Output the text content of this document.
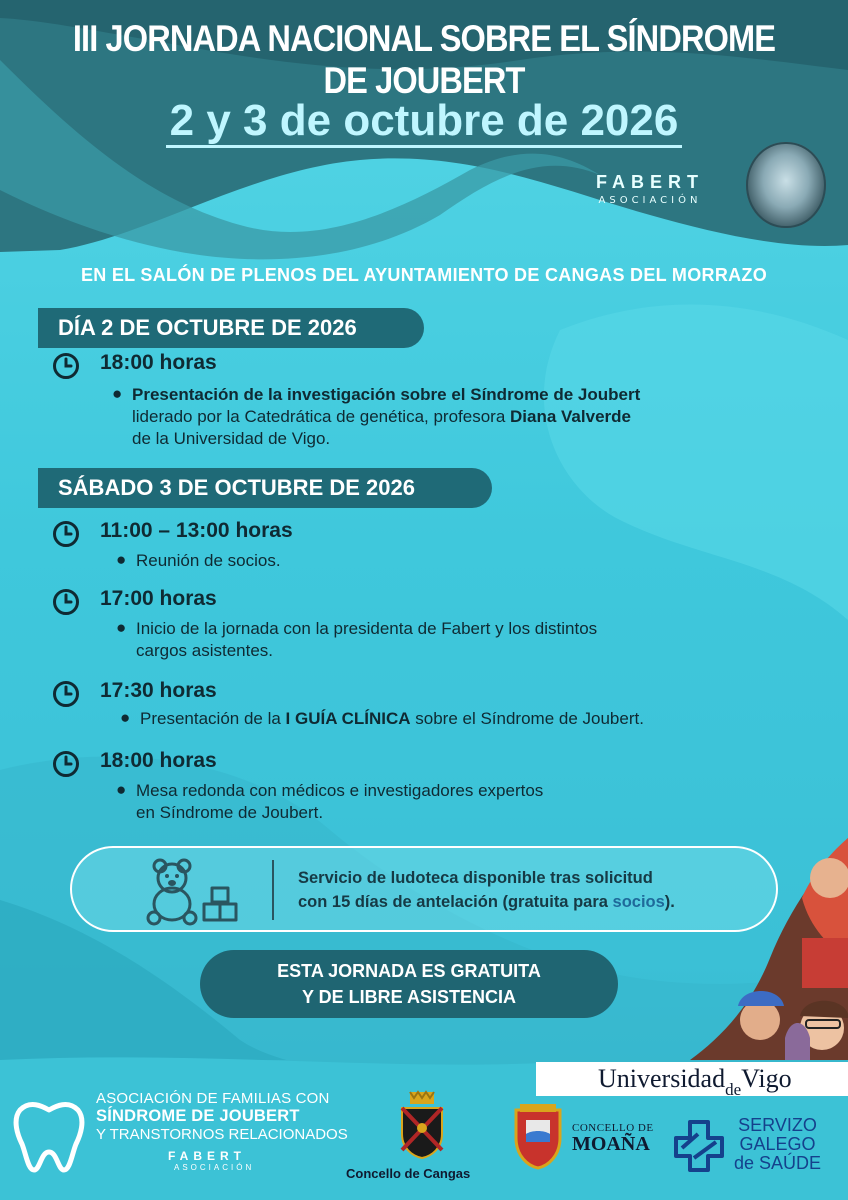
III JORNADA NACIONAL SOBRE EL SÍNDROME DE JOUBERT
2 y 3 de octubre de 2026
FABERT
ASOCIACIÓN
EN EL SALÓN DE PLENOS DEL AYUNTAMIENTO DE CANGAS DEL MORRAZO
DÍA 2 DE OCTUBRE DE 2026
18:00 horas
● Presentación de la investigación sobre el Síndrome de Joubert
liderado por la Catedrática de genética, profesora Diana Valverde
de la Universidad de Vigo.
SÁBADO 3 DE OCTUBRE DE 2026
11:00 – 13:00 horas
● Reunión de socios.
17:00 horas
● Inicio de la jornada con la presidenta de Fabert y los distintos
cargos asistentes.
17:30 horas
● Presentación de la I GUÍA CLÍNICA sobre el Síndrome de Joubert.
18:00 horas
● Mesa redonda con médicos e investigadores expertos
en Síndrome de Joubert.
Servicio de ludoteca disponible tras solicitud
con 15 días de antelación (gratuita para socios).
ESTA JORNADA ES GRATUITA
Y DE LIBRE ASISTENCIA
Universidad$_{de}$Vigo
ASOCIACIÓN DE FAMILIAS CON
SÍNDROME DE JOUBERT
Y TRANSTORNOS RELACIONADOS
FABERT
ASOCIACIÓN	Concello de Cangas
CONCELLO DE
MOAÑA
SERVIZO
GALEGO
de SAÚDE
